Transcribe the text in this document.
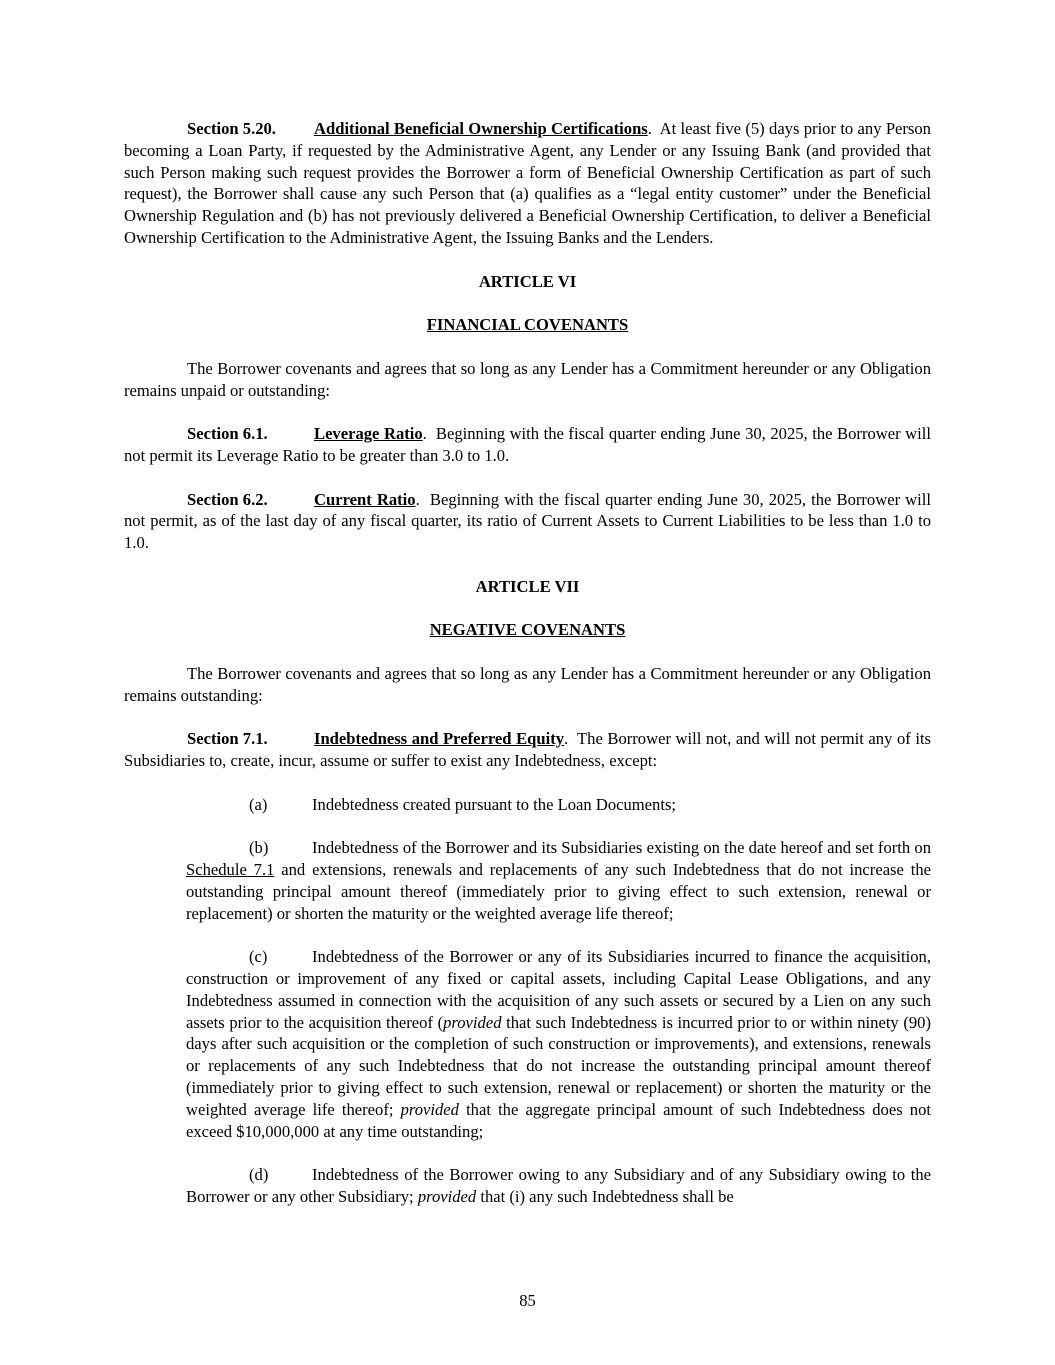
Section 5.20. Additional Beneficial Ownership Certifications.  At least five (5) days prior to any Person becoming a Loan Party, if requested by the Administrative Agent, any Lender or any Issuing Bank (and provided that such Person making such request provides the Borrower a form of Beneficial Ownership Certification as part of such request), the Borrower shall cause any such Person that (a) qualifies as a “legal entity customer” under the Beneficial Ownership Regulation and (b) has not previously delivered a Beneficial Ownership Certification, to deliver a Beneficial Ownership Certification to the Administrative Agent, the Issuing Banks and the Lenders.

ARTICLE VI

FINANCIAL COVENANTS

The Borrower covenants and agrees that so long as any Lender has a Commitment hereunder or any Obligation remains unpaid or outstanding:

Section 6.1.	Leverage Ratio.  Beginning with the fiscal quarter ending June 30, 2025, the Borrower will not permit its Leverage Ratio to be greater than 3.0 to 1.0.

Section 6.2.	Current Ratio.  Beginning with the fiscal quarter ending June 30, 2025, the Borrower will not permit, as of the last day of any fiscal quarter, its ratio of Current Assets to Current Liabilities to be less than 1.0 to 1.0.

ARTICLE VII

NEGATIVE COVENANTS

The Borrower covenants and agrees that so long as any Lender has a Commitment hereunder or any Obligation remains outstanding:

Section 7.1.	Indebtedness and Preferred Equity.  The Borrower will not, and will not permit any of its Subsidiaries to, create, incur, assume or suffer to exist any Indebtedness, except:

(a)	Indebtedness created pursuant to the Loan Documents;

(b)	Indebtedness of the Borrower and its Subsidiaries existing on the date hereof and set forth on Schedule 7.1 and extensions, renewals and replacements of any such Indebtedness that do not increase the outstanding principal amount thereof (immediately prior to giving effect to such extension, renewal or replacement) or shorten the maturity or the weighted average life thereof;

(c)	Indebtedness of the Borrower or any of its Subsidiaries incurred to finance the acquisition, construction or improvement of any fixed or capital assets, including Capital Lease Obligations, and any Indebtedness assumed in connection with the acquisition of any such assets or secured by a Lien on any such assets prior to the acquisition thereof (provided that such Indebtedness is incurred prior to or within ninety (90) days after such acquisition or the completion of such construction or improvements), and extensions, renewals or replacements of any such Indebtedness that do not increase the outstanding principal amount thereof (immediately prior to giving effect to such extension, renewal or replacement) or shorten the maturity or the weighted average life thereof; provided that the aggregate principal amount of such Indebtedness does not exceed $10,000,000 at any time outstanding;

(d)	Indebtedness of the Borrower owing to any Subsidiary and of any Subsidiary owing to the Borrower or any other Subsidiary; provided that (i) any such Indebtedness shall be

85
